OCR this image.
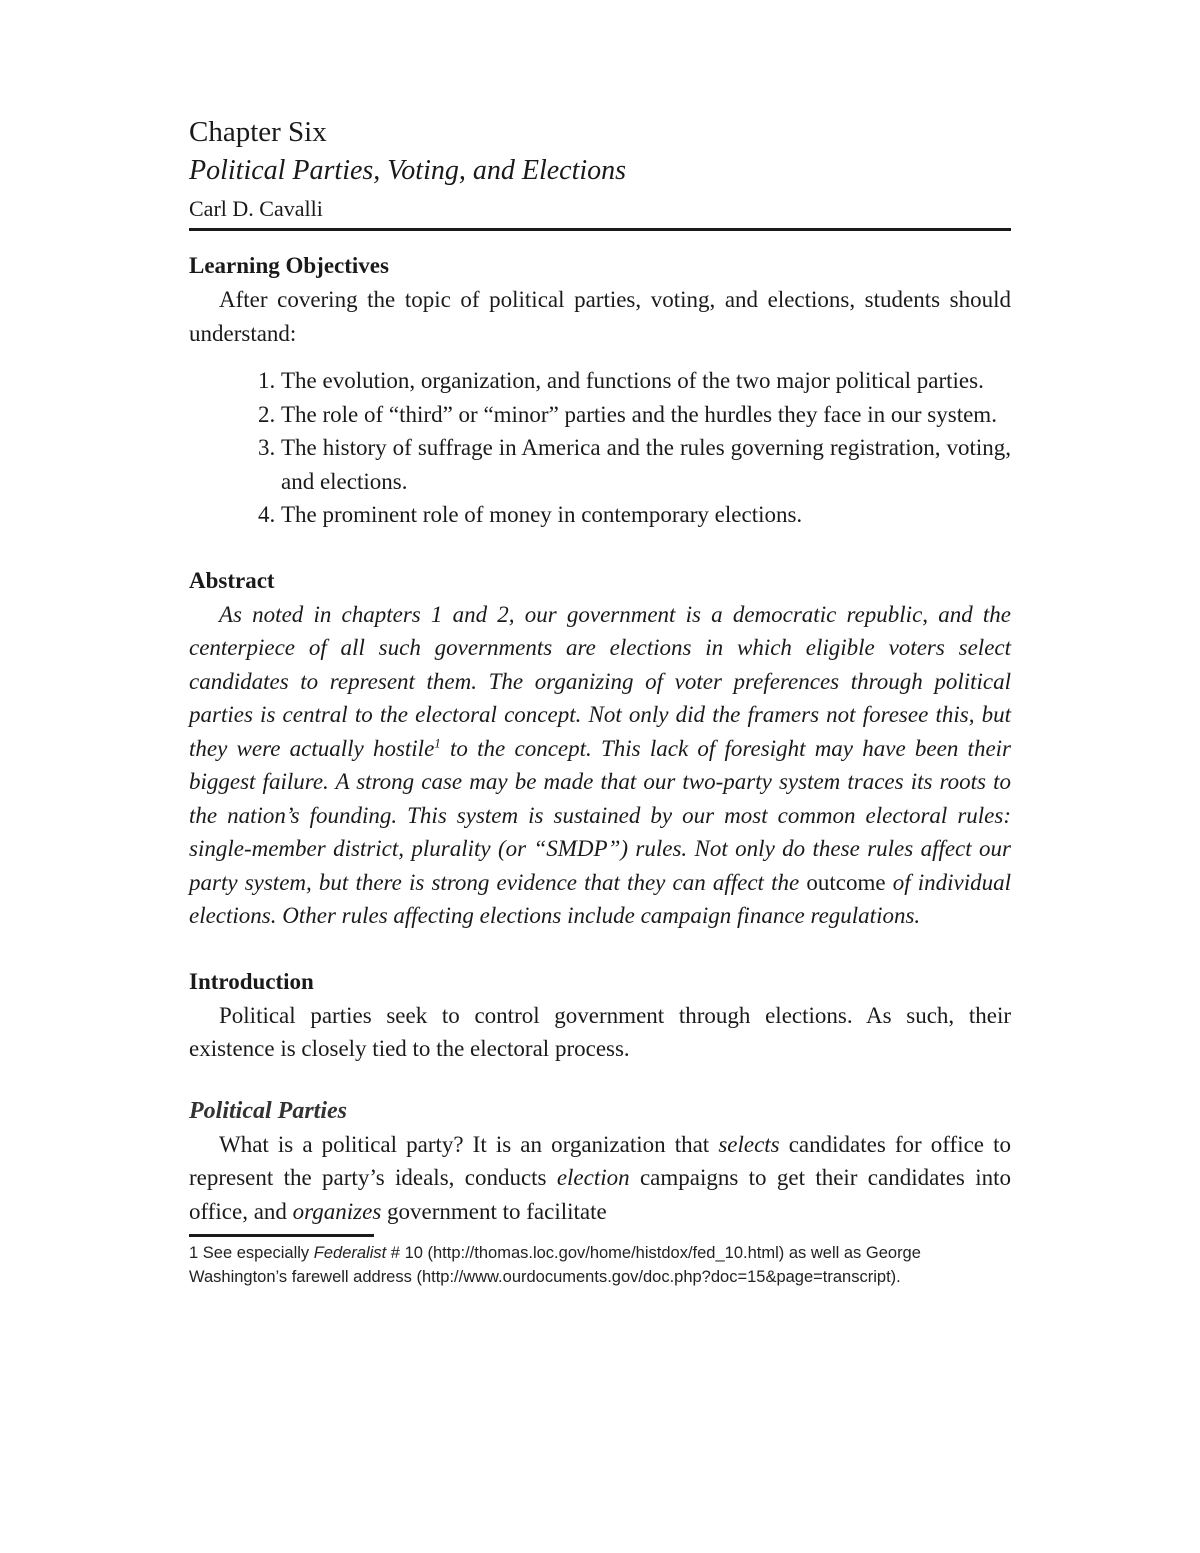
Chapter Six
Political Parties, Voting, and Elections
Carl D. Cavalli
Learning Objectives

After covering the topic of political parties, voting, and elections, students should understand:

1. The evolution, organization, and functions of the two major political parties.
2. The role of “third” or “minor” parties and the hurdles they face in our system.
3. The history of suffrage in America and the rules governing registration, voting, and elections.
4. The prominent role of money in contemporary elections.
Abstract

As noted in chapters 1 and 2, our government is a democratic republic, and the centerpiece of all such governments are elections in which eligible voters select candidates to represent them. The organizing of voter preferences through political parties is central to the electoral concept. Not only did the framers not foresee this, but they were actually hostile$^1$ to the concept. This lack of foresight may have been their biggest failure. A strong case may be made that our two-party system traces its roots to the nation’s founding. This system is sustained by our most common electoral rules: single-member district, plurality (or “SMDP”) rules. Not only do these rules affect our party system, but there is strong evidence that they can affect the outcome of individual elections. Other rules affecting elections include campaign finance regulations.

Introduction

Political parties seek to control government through elections. As such, their existence is closely tied to the electoral process.

Political Parties

What is a political party? It is an organization that selects candidates for office to represent the party’s ideals, conducts election campaigns to get their candidates into office, and organizes government to facilitate

1 See especially Federalist # 10 (http://thomas.loc.gov/home/histdox/fed_10.html) as well as George Washington’s farewell address (http://www.ourdocuments.gov/doc.php?doc=15&page=transcript).
